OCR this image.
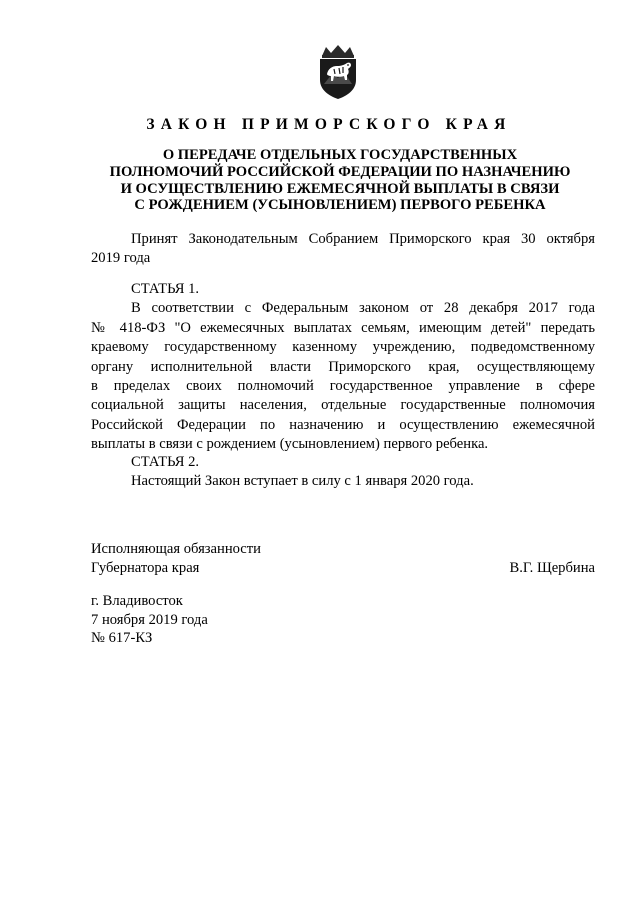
ЗАКОН ПРИМОРСКОГО КРАЯ
О ПЕРЕДАЧЕ ОТДЕЛЬНЫХ ГОСУДАРСТВЕННЫХ
ПОЛНОМОЧИЙ РОССИЙСКОЙ ФЕДЕРАЦИИ ПО НАЗНАЧЕНИЮ
И ОСУЩЕСТВЛЕНИЮ ЕЖЕМЕСЯЧНОЙ ВЫПЛАТЫ В СВЯЗИ
С РОЖДЕНИЕМ (УСЫНОВЛЕНИЕМ) ПЕРВОГО РЕБЕНКА
Принят Законодательным Собранием Приморского края 30 октября
2019 года
СТАТЬЯ 1.
В соответствии с Федеральным законом от 28 декабря 2017 года
№ 418-ФЗ "О ежемесячных выплатах семьям, имеющим детей" передать
краевому государственному казенному учреждению, подведомственному
органу исполнительной власти Приморского края, осуществляющему
в пределах своих полномочий государственное управление в сфере
социальной защиты населения, отдельные государственные полномочия
Российской Федерации по назначению и осуществлению ежемесячной
выплаты в связи с рождением (усыновлением) первого ребенка.
СТАТЬЯ 2.
Настоящий Закон вступает в силу с 1 января 2020 года.
Исполняющая обязанности
Губернатора края	В.Г. Щербина
г. Владивосток
7 ноября 2019 года
№ 617-КЗ
